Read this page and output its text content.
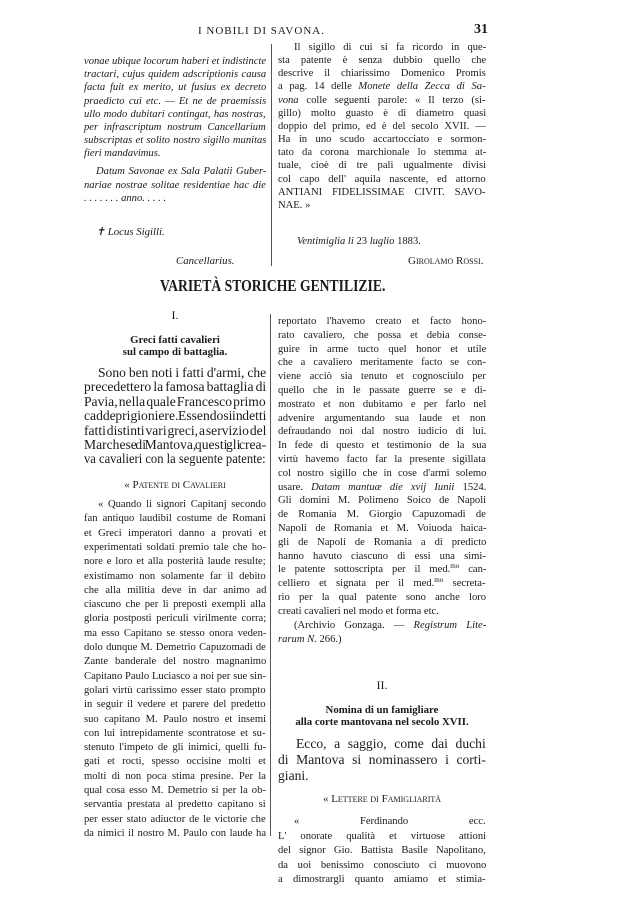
I NOBILI DI SAVONA.	31
vonae ubique locorum haberi et indistincte
tractari, cujus quidem adscriptionis causa
facta fuit ex merito, ut fusius ex decreto
praedicto cui etc. — Et ne de praemissis
ullo modo dubitari contingat, has nostras,
per infrascriptum nostrum Cancellarium
subscriptas et solito nostro sigillo munitas
fieri mandavimus.
Datum Savonae ex Sala Palatii Guber-
nariae nostrae solitae residentiae hac die
. . . . . . . anno. . . . .
✝ Locus Sigilli.
Cancellarius.
Il sigillo di cui si fa ricordo in que-
sta patente è senza dubbio quello che
descrive il chiarissimo Domenico Promis
a pag. 14 delle Monete della Zecca di Sa-
vona colle seguenti parole: « Il terzo (si-
gillo) molto guasto è di diametro quasi
doppio del primo, ed è del secolo XVII. —
Ha in uno scudo accartocciato e sormon-
tato da corona marchionale lo stemma at-
tuale, cioè di tre pali ugualmente divisi
col capo dell' aquila nascente, ed attorno
ANTIANI FIDELISSIMAE CIVIT. SAVO-
NAE. »
Ventimiglia li 23 luglio 1883.
Girolamo Rossi.
VARIETÀ STORICHE GENTILIZIE.
I.
Greci fatti cavalieri
sul campo di battaglia.
Sono ben noti i fatti d'armi, che
precedettero la famosa battaglia di
Pavia, nella quale Francesco primo
cadde prigioniere. Essendosi in detti
fatti distinti vari greci, a servizio del
Marchese di Mantova, questi gli crea-
va cavalieri con la seguente patente:
« Patente di Cavalieri
« Quando li signori Capitanj secondo
fan antiquo laudibil costume de Romani
et Greci imperatori danno a provati et
experimentati soldati premio tale che ho-
nore e loro et alla posterità laude resulte;
existimamo non solamente far il debito
che alla militia deve in dar animo ad
ciascuno che per li preposti exempli alla
gloria postposti periculi virilmente corra;
ma esso Capitano se stesso onora veden-
dolo dunque M. Demetrio Capuzomadi de
Zante banderale del nostro magnanimo
Capitano Paulo Luciasco a noi per sue sin-
golari virtù carissimo esser stato prompto
in seguir il vedere et parere del predetto
suo capitano M. Paulo nostro et insemi
con lui intrepidamente scontratose et su-
stenuto l'impeto de gli inimici, quelli fu-
gati et rocti, spesso occisine molti et
molti di non poca stima presine. Per la
qual cosa esso M. Demetrio si per la ob-
servantia prestata al predetto capitano si
per esser stato adiuctor de le victorie che
da nimici il nostro M. Paulo con laude ha
reportato l'havemo creato et facto hono-
rato cavaliero, che possa et debia conse-
guire in arme tucto quel honor et utile
che a cavaliero meritamente facto se con-
viene acciò sia tenuto et cognosciulo per
quello che in le passate guerre se e di-
mostrato et non dubitamo e per farlo nel
advenire argumentando sua laude et non
defraudando noi dal nostro iudicio di lui.
In fede di questo et testimonio de la sua
virtù havemo facto far la presente sigillata
col nostro sigillo che in cose d'armi solemo
usare. Datam mantuæ die xvij Iunii 1524.
Gli domini M. Polimeno Soico de Napoli
de Romania M. Giorgio Capuzomadi de
Napoli de Romania et M. Voiuoda haica-
gli de Napoli de Romania a di predicto
hanno havuto ciascuno di essi una simi-
le patente sottoscripta per il med.$^{mo}$ can-
celliero et signata per il med.$^{mo}$ secreta-
rio per la qual patente sono anche loro
creati cavalieri nel modo et forma etc.
(Archivio Gonzaga. — Registrum Lite-
rarum N. 266.)
II.
Nomina di un famigliare
alla corte mantovana nel secolo XVII.
Ecco, a saggio, come dai duchi
di Mantova si nominassero i corti-
giani.
« Lettere di Famigliarità
« Ferdinando ecc.
L' onorate qualità et virtuose attioni
del signor Gio. Battista Basile Napolitano,
da uoi benissimo conosciuto ci muovono
a dimostrargli quanto amiamo et stimia-
